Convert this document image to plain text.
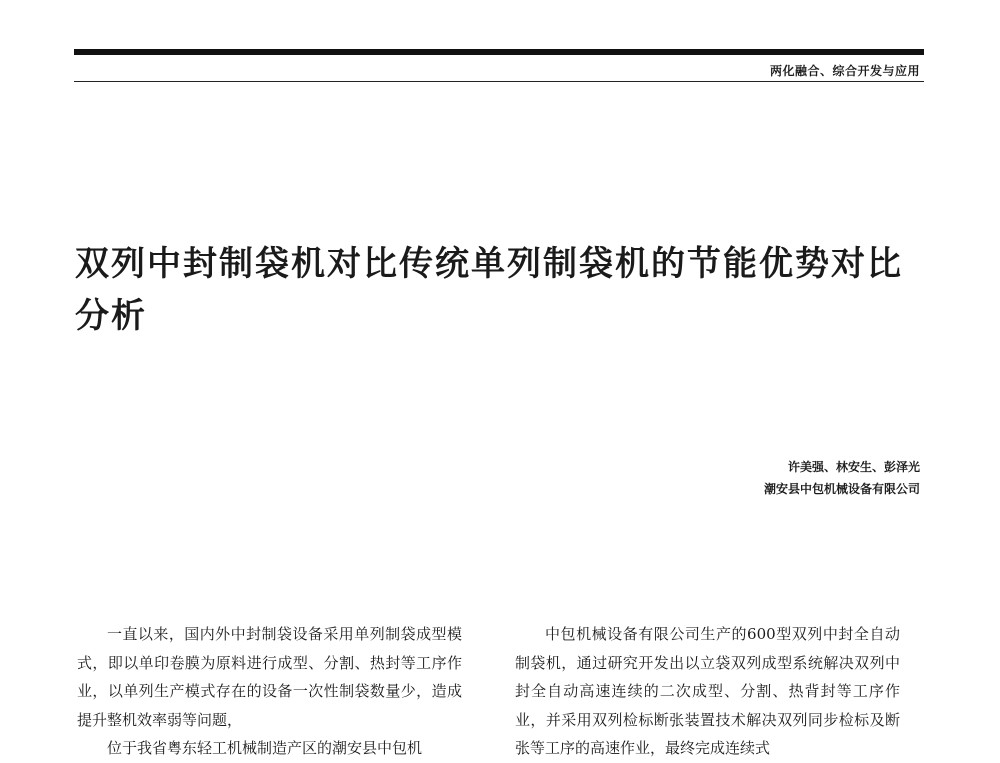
两化融合、综合开发与应用
双列中封制袋机对比传统单列制袋机的节能优势对比分析
许美强、林安生、彭泽光
潮安县中包机械设备有限公司

一直以来，国内外中封制袋设备采用单列制袋成型模式，即以单印卷膜为原料进行成型、分割、热封等工序作业，以单列生产模式存在的设备一次性制袋数量少，造成提升整机效率弱等问题，

位于我省粤东轻工机械制造产区的潮安县中包机

中包机械设备有限公司生产的600型双列中封全自动制袋机，通过研究开发出以立袋双列成型系统解决双列中封全自动高速连续的二次成型、分割、热背封等工序作业，并采用双列检标断张装置技术解决双列同步检标及断张等工序的高速作业，最终完成连续式
